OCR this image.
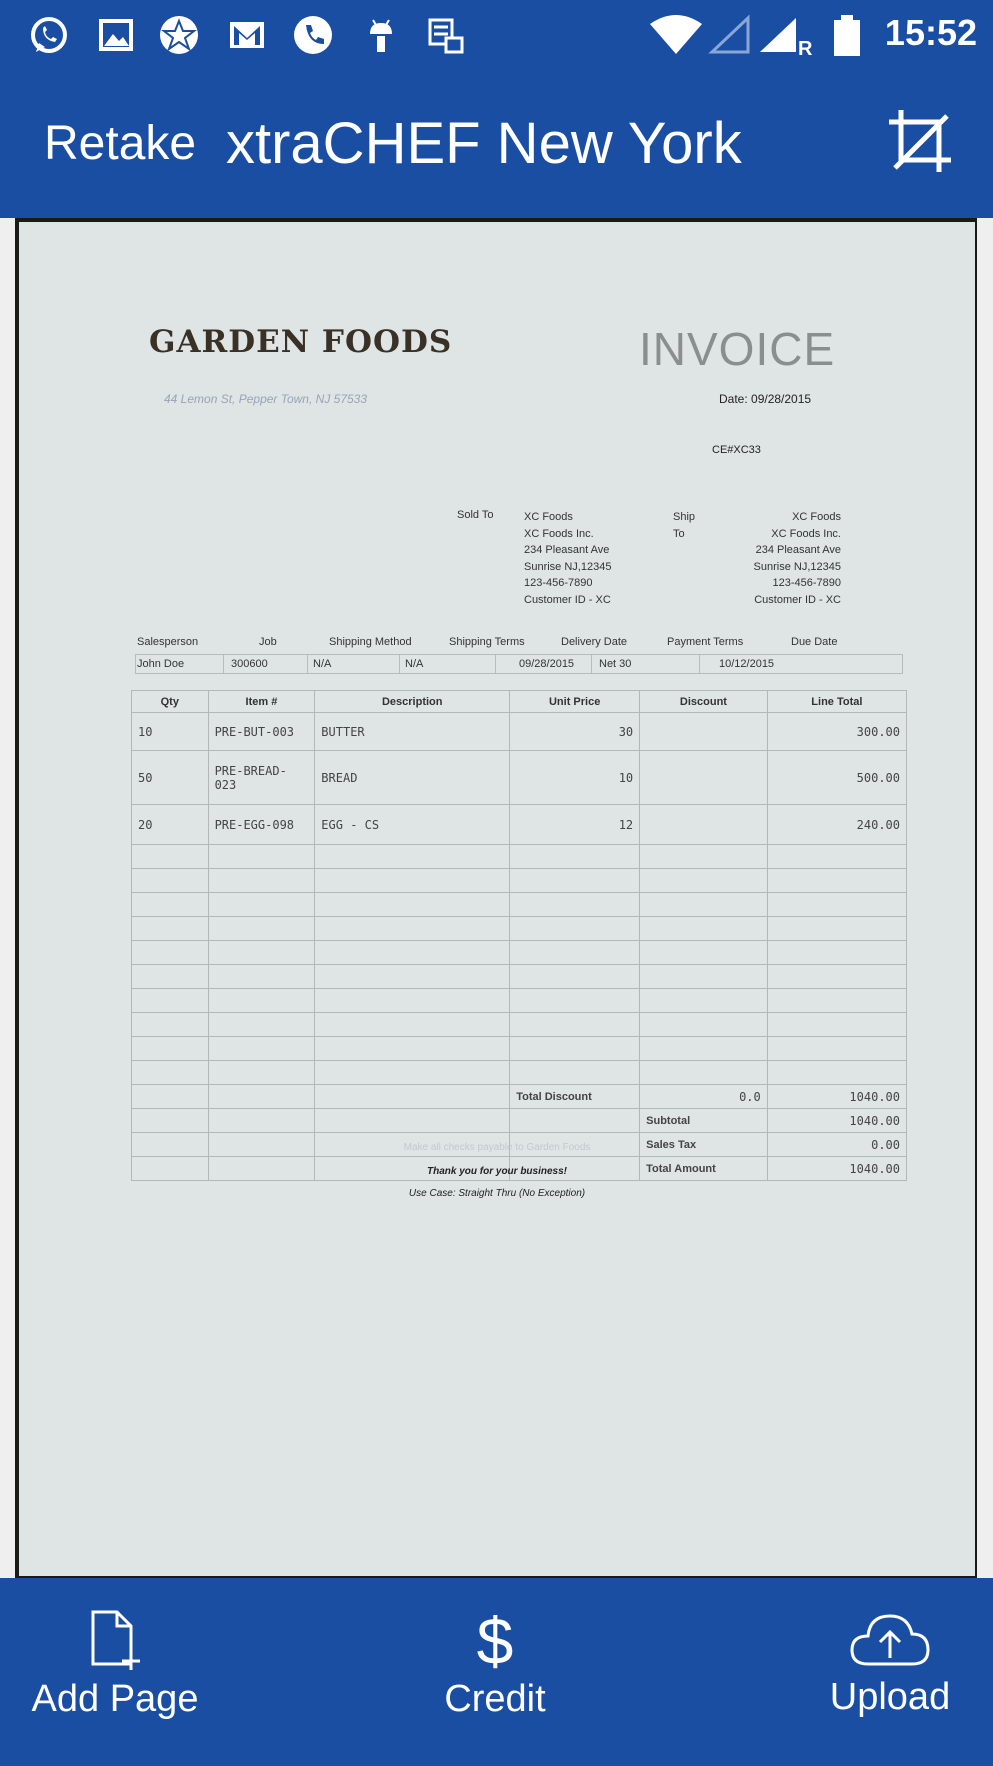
R 15:52
Retake xtraCHEF New York
GARDEN FOODS	INVOICE
44 Lemon St, Pepper Town, NJ 57533	Date: 09/28/2015
CE#XC33
Sold To	XC Foods
XC Foods Inc.
234 Pleasant Ave
Sunrise NJ,12345
123-456-7890
Customer ID - XC
Ship
To
XC Foods
XC Foods Inc.
234 Pleasant Ave
Sunrise NJ,12345
123-456-7890
Customer ID - XC
Salesperson	Job	Shipping Method	Shipping Terms	Delivery Date	Payment Terms	Due Date
John Doe	300600	N/A	N/A	09/28/2015 Net 30	10/12/2015
Qty	Item #	Description	Unit Price	Discount	Line Total
10	PRE-BUT-003	BUTTER	30		300.00
50	PRE-BREAD-023	BREAD	10		500.00
20	PRE-EGG-098	EGG - CS	12		240.00

			Total Discount	0.0	1040.00
				Subtotal	1040.00
				Sales Tax	0.00
				Total Amount	1040.00
Make all checks payable to Garden Foods
Thank you for your business!
Use Case: Straight Thru (No Exception)
Add Page
$
Credit	Upload
